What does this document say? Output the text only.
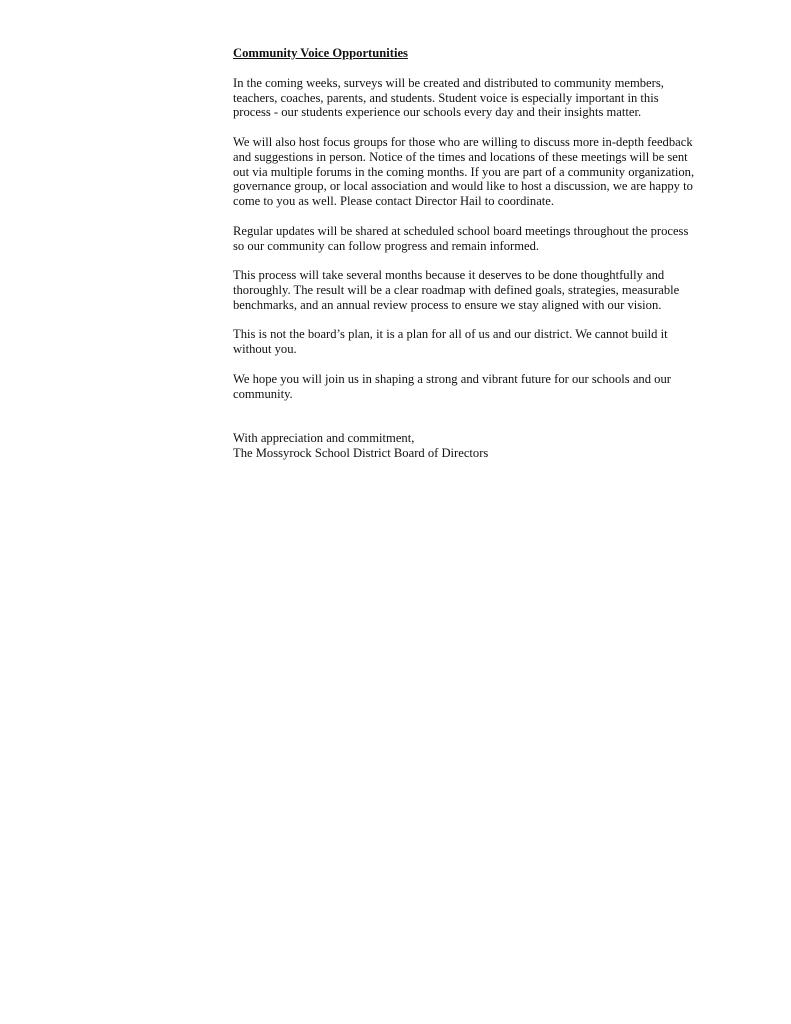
Community Voice Opportunities
In the coming weeks, surveys will be created and distributed to community members,
teachers, coaches, parents, and students. Student voice is especially important in this
process - our students experience our schools every day and their insights matter.
We will also host focus groups for those who are willing to discuss more in-depth feedback
and suggestions in person. Notice of the times and locations of these meetings will be sent
out via multiple forums in the coming months. If you are part of a community organization,
governance group, or local association and would like to host a discussion, we are happy to
come to you as well. Please contact Director Hail to coordinate.
Regular updates will be shared at scheduled school board meetings throughout the process
so our community can follow progress and remain informed.
This process will take several months because it deserves to be done thoughtfully and
thoroughly. The result will be a clear roadmap with defined goals, strategies, measurable
benchmarks, and an annual review process to ensure we stay aligned with our vision.
This is not the board’s plan, it is a plan for all of us and our district. We cannot build it
without you.
We hope you will join us in shaping a strong and vibrant future for our schools and our
community.
With appreciation and commitment,
The Mossyrock School District Board of Directors
